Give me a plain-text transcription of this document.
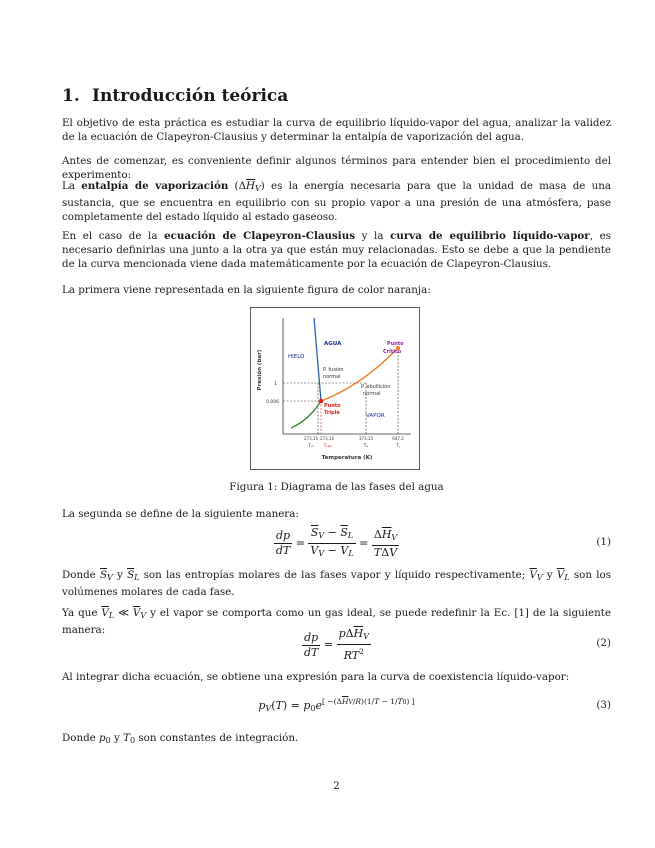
1. Introducción teórica

El objetivo de esta práctica es estudiar la curva de equilibrio líquido-vapor del agua, analizar la validez de la ecuación de Clapeyron-Clausius y determinar la entalpía de vaporización del agua.

Antes de comenzar, es conveniente definir algunos términos para entender bien el procedimiento del experimento:

La entalpía de vaporización $(\Delta\overline{H}_V)$ es la energía necesaria para que la unidad de masa de una sustancia, que se encuentra en equilibrio con su propio vapor a una presión de una atmósfera, pase completamente del estado líquido al estado gaseoso.

En el caso de la ecuación de Clapeyron-Clausius y la curva de equilibrio líquido-vapor, es necesario definirlas una junto a la otra ya que están muy relacionadas. Esto se debe a que la pendiente de la curva mencionada viene dada matemáticamente por la ecuación de Clapeyron-Clausius.

La primera viene representada en la siguiente figura de color naranja:

HIELO
AGUA
VAPOR
Punto
Crítico
P. fusión
normal
P. ebullición
normal
Punto
Triple
1
0.006
Presión (bar)
273.15 273.16	373.15	647.3
Tₘ T₍₂ₚ₎	Tₑ	T꜀
Temperatura (K)
Figura 1: Diagrama de las fases del agua

La segunda se define de la siguiente manera:

$\frac{dp}{dT} = \frac{\overline{S}_V - \overline{S}_L}{\overline{V}_V - \overline{V}_L} = \frac{\Delta\overline{H}_V}{T\Delta\overline{V}}$	(1)

Donde $\overline{S}_V$ y $\overline{S}_L$ son las entropías molares de las fases vapor y líquido respectivamente; $\overline{V}_V$ y $\overline{V}_L$ son los volúmenes molares de cada fase.

Ya que $\overline{V}_L$ ≪ $\overline{V}_V$ y el vapor se comporta como un gas ideal, se puede redefinir la Ec. [1] de la siguiente manera:

$\frac{dp}{dT} = \frac{p\Delta\overline{H}_V}{RT^2}$	(2)

Al integrar dicha ecuación, se obtiene una expresión para la curva de coexistencia líquido-vapor:

$p_V(T) = p_0e[ -(\Delta HV/R)(1/T - 1/T0) ]$	(3)

Donde $p_0$ y $T_0$ son constantes de integración.

2
